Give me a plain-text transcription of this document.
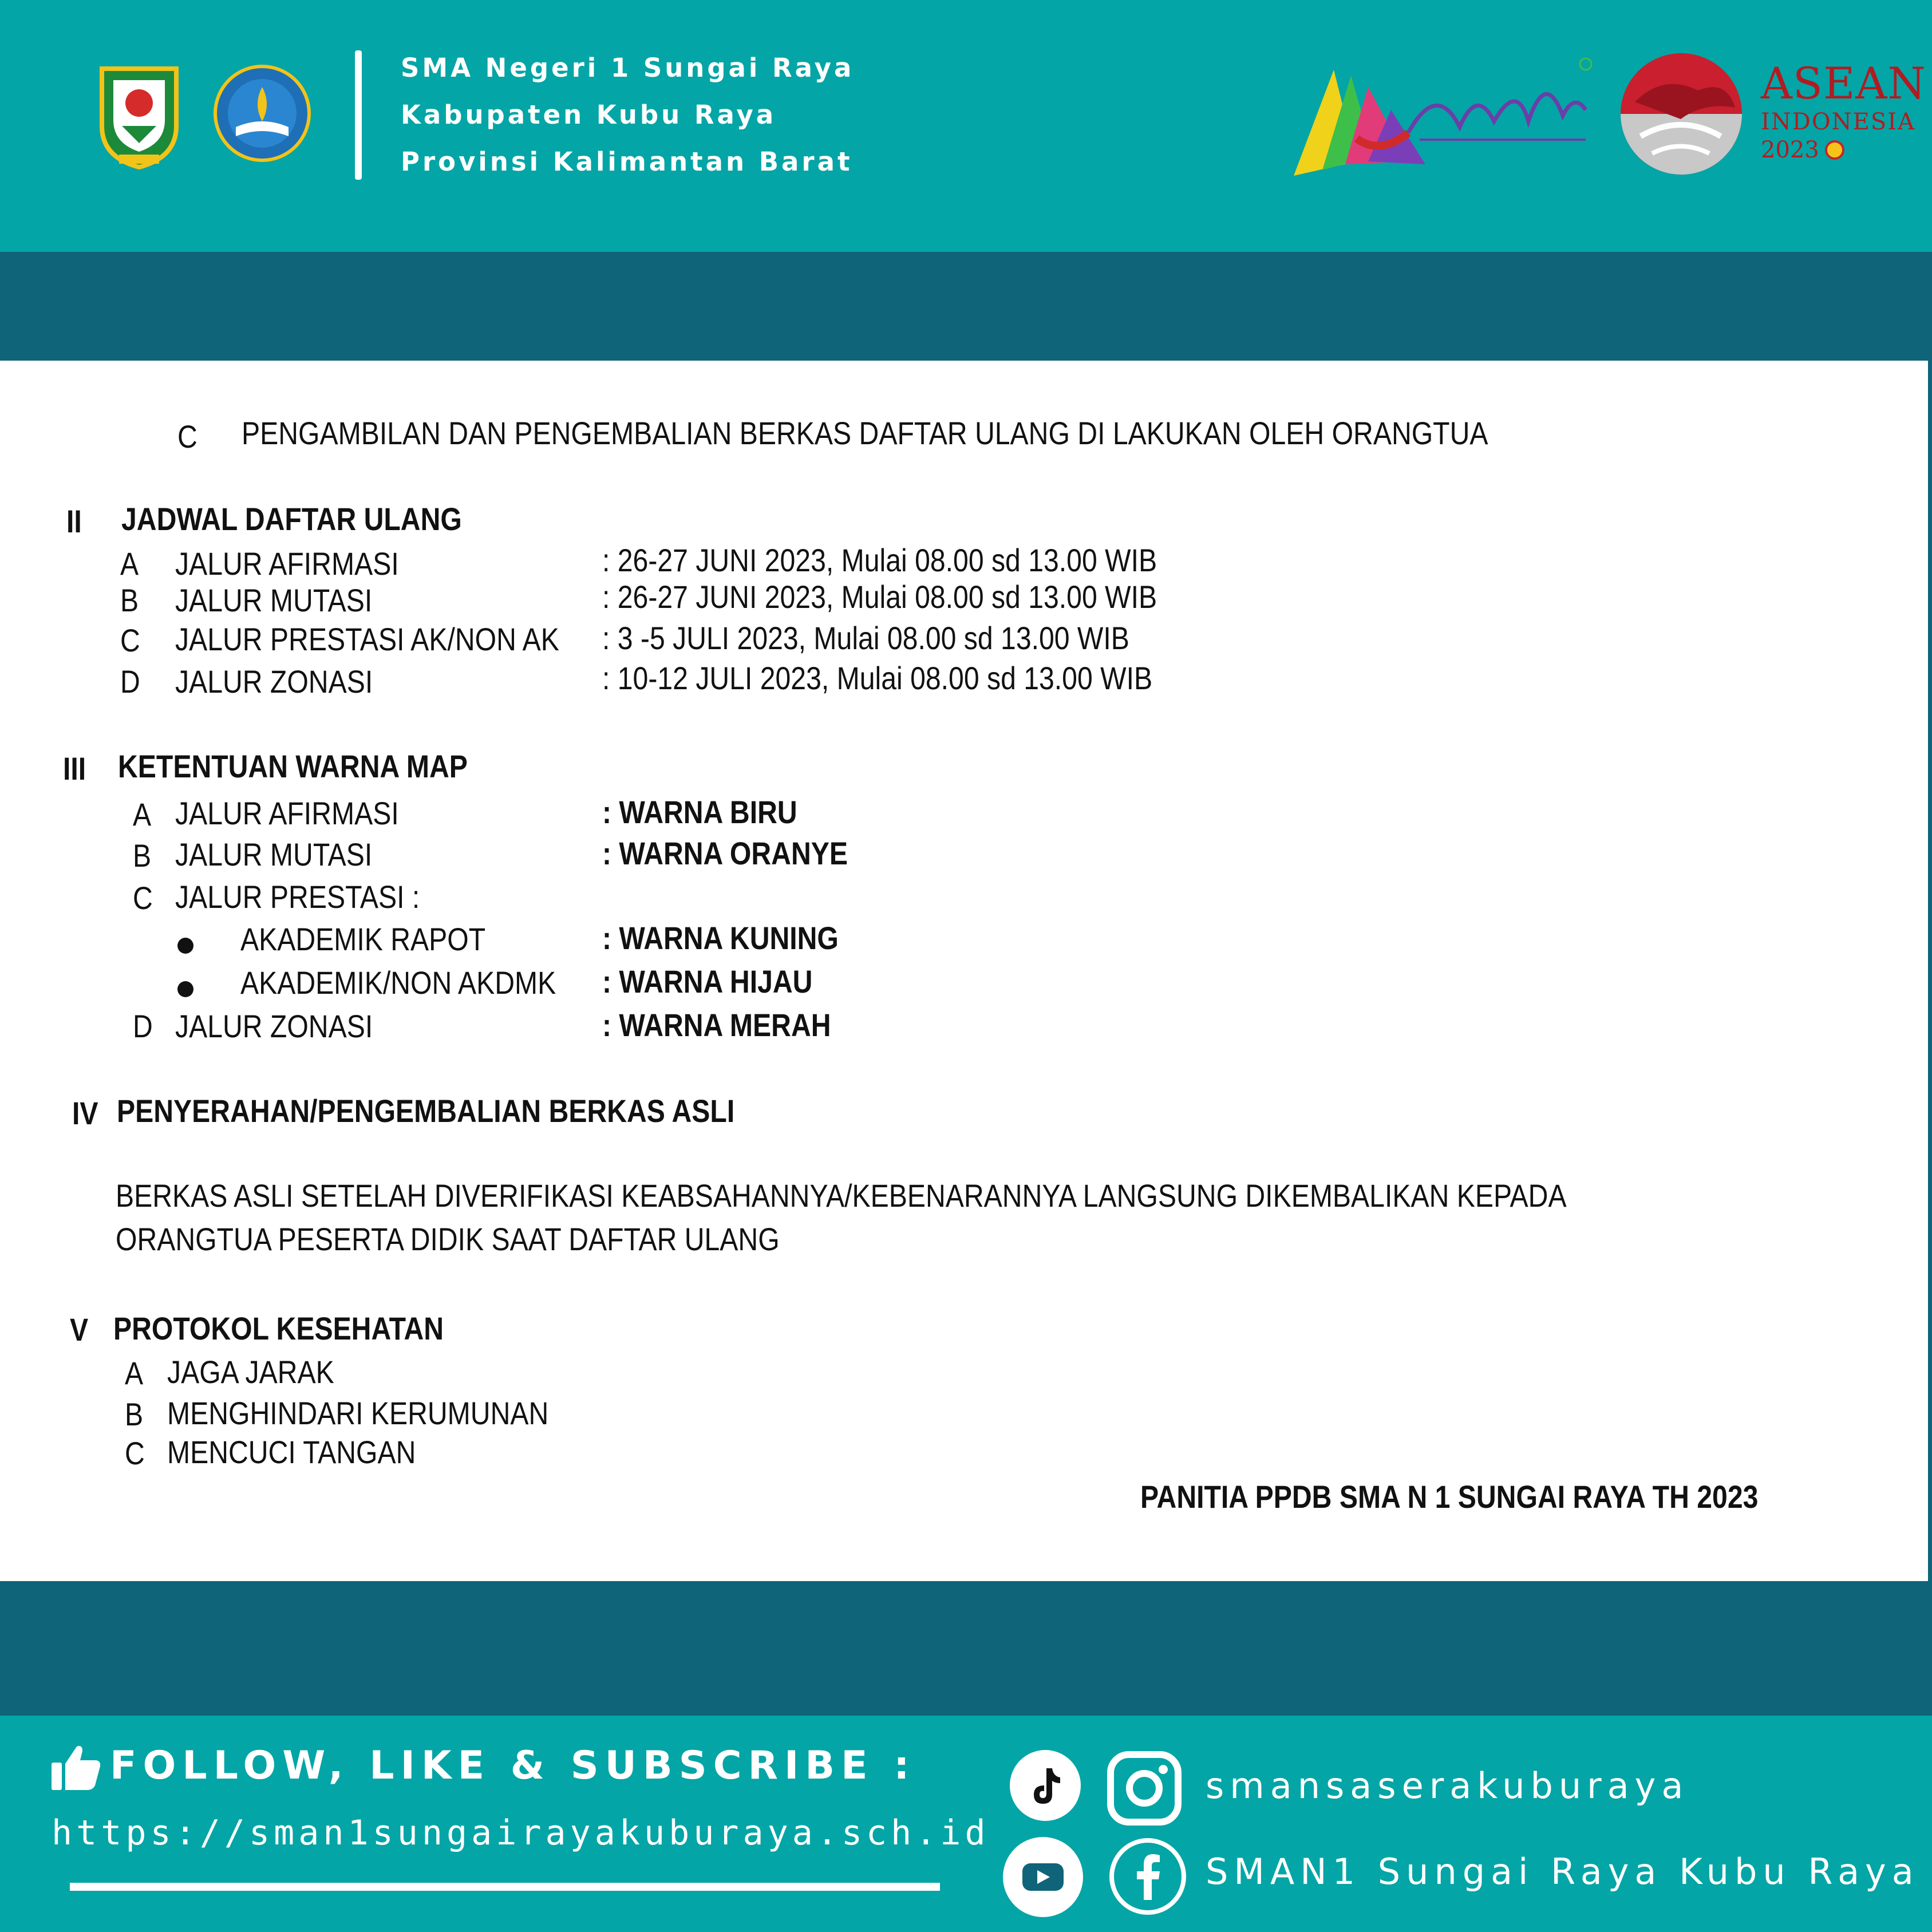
SMA Negeri 1 Sungai Raya
Kabupaten Kubu Raya
Provinsi Kalimantan Barat
ASEAN
INDONESIA
2023
C PENGAMBILAN DAN PENGEMBALIAN BERKAS DAFTAR ULANG DI LAKUKAN OLEH ORANGTUA
II JADWAL DAFTAR ULANG
A JALUR AFIRMASI	: 26-27 JUNI 2023, Mulai 08.00 sd 13.00 WIB
B JALUR MUTASI	: 26-27 JUNI 2023, Mulai 08.00 sd 13.00 WIB
C JALUR PRESTASI AK/NON AK : 3 -5 JULI 2023, Mulai 08.00 sd 13.00 WIB
D JALUR ZONASI	: 10-12 JULI 2023, Mulai 08.00 sd 13.00 WIB
III KETENTUAN WARNA MAP
A JALUR AFIRMASI	: WARNA BIRU
B JALUR MUTASI	: WARNA ORANYE
C JALUR PRESTASI :
AKADEMIK RAPOT	: WARNA KUNING
AKADEMIK/NON AKDMK : WARNA HIJAU
D JALUR ZONASI	: WARNA MERAH
IV PENYERAHAN/PENGEMBALIAN BERKAS ASLI
BERKAS ASLI SETELAH DIVERIFIKASI KEABSAHANNYA/KEBENARANNYA LANGSUNG DIKEMBALIKAN KEPADA
ORANGTUA PESERTA DIDIK SAAT DAFTAR ULANG
V PROTOKOL KESEHATAN
A JAGA JARAK
B MENGHINDARI KERUMUNAN
C MENCUCI TANGAN
PANITIA PPDB SMA N 1 SUNGAI RAYA TH 2023
FOLLOW, LIKE & SUBSCRIBE :
https://sman1sungairayakuburaya.sch.id
smansaserakuburaya
SMAN1 Sungai Raya Kubu Raya
